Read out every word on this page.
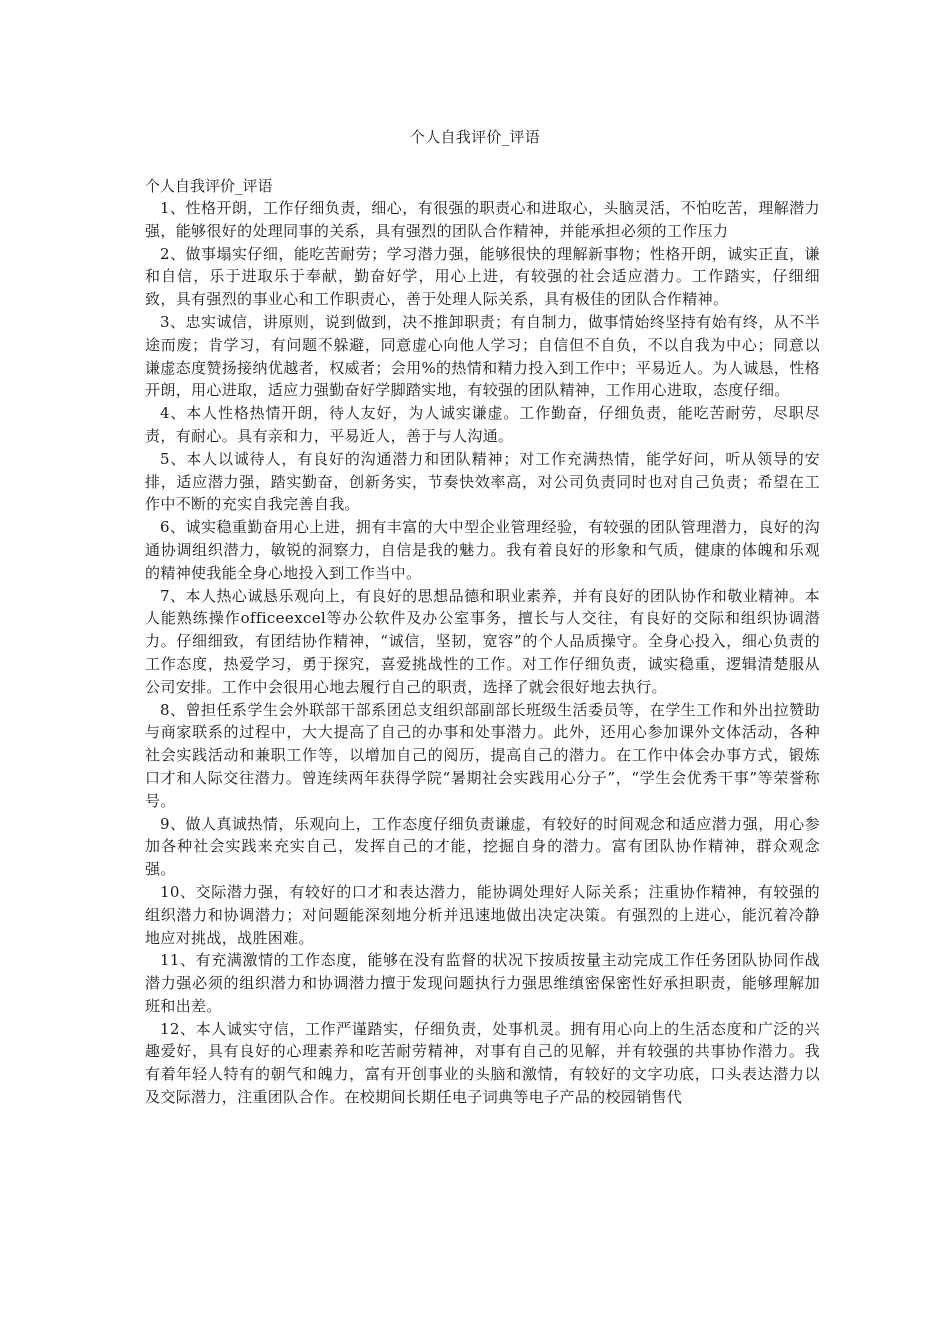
个人自我评价_评语

个人自我评价_评语

1、性格开朗，工作仔细负责，细心，有很强的职责心和进取心，头脑灵活，不怕吃苦，理解潜力强，能够很好的处理同事的关系，具有强烈的团队合作精神，并能承担必须的工作压力

2、做事塌实仔细，能吃苦耐劳；学习潜力强，能够很快的理解新事物；性格开朗，诚实正直，谦和自信，乐于进取乐于奉献，勤奋好学，用心上进，有较强的社会适应潜力。工作踏实，仔细细致，具有强烈的事业心和工作职责心，善于处理人际关系，具有极佳的团队合作精神。

3、忠实诚信，讲原则，说到做到，决不推卸职责；有自制力，做事情始终坚持有始有终，从不半途而废；肯学习，有问题不躲避，同意虚心向他人学习；自信但不自负，不以自我为中心；同意以谦虚态度赞扬接纳优越者，权威者；会用%的热情和精力投入到工作中；平易近人。为人诚恳，性格开朗，用心进取，适应力强勤奋好学脚踏实地，有较强的团队精神，工作用心进取，态度仔细。

4、本人性格热情开朗，待人友好，为人诚实谦虚。工作勤奋，仔细负责，能吃苦耐劳，尽职尽责，有耐心。具有亲和力，平易近人，善于与人沟通。

5、本人以诚待人，有良好的沟通潜力和团队精神；对工作充满热情，能学好问，听从领导的安排，适应潜力强，踏实勤奋，创新务实，节奏快效率高，对公司负责同时也对自己负责；希望在工作中不断的充实自我完善自我。

6、诚实稳重勤奋用心上进，拥有丰富的大中型企业管理经验，有较强的团队管理潜力，良好的沟通协调组织潜力，敏锐的洞察力，自信是我的魅力。我有着良好的形象和气质，健康的体魄和乐观的精神使我能全身心地投入到工作当中。

7、本人热心诚恳乐观向上，有良好的思想品德和职业素养，并有良好的团队协作和敬业精神。本人能熟练操作officeexcel等办公软件及办公室事务，擅长与人交往，有良好的交际和组织协调潜力。仔细细致，有团结协作精神，“诚信，坚韧，宽容”的个人品质操守。全身心投入，细心负责的工作态度，热爱学习，勇于探究，喜爱挑战性的工作。对工作仔细负责，诚实稳重，逻辑清楚服从公司安排。工作中会很用心地去履行自己的职责，选择了就会很好地去执行。

8、曾担任系学生会外联部干部系团总支组织部副部长班级生活委员等，在学生工作和外出拉赞助与商家联系的过程中，大大提高了自己的办事和处事潜力。此外，还用心参加课外文体活动，各种社会实践活动和兼职工作等，以增加自己的阅历，提高自己的潜力。在工作中体会办事方式，锻炼口才和人际交往潜力。曾连续两年获得学院“暑期社会实践用心分子”，“学生会优秀干事”等荣誉称号。

9、做人真诚热情，乐观向上，工作态度仔细负责谦虚，有较好的时间观念和适应潜力强，用心参加各种社会实践来充实自己，发挥自己的才能，挖掘自身的潜力。富有团队协作精神，群众观念强。

10、交际潜力强，有较好的口才和表达潜力，能协调处理好人际关系；注重协作精神，有较强的组织潜力和协调潜力；对问题能深刻地分析并迅速地做出决定决策。有强烈的上进心，能沉着冷静地应对挑战，战胜困难。

11、有充满激情的工作态度，能够在没有监督的状况下按质按量主动完成工作任务团队协同作战潜力强必须的组织潜力和协调潜力擅于发现问题执行力强思维缜密保密性好承担职责，能够理解加班和出差。

12、本人诚实守信，工作严谨踏实，仔细负责，处事机灵。拥有用心向上的生活态度和广泛的兴趣爱好，具有良好的心理素养和吃苦耐劳精神，对事有自己的见解，并有较强的共事协作潜力。我有着年轻人特有的朝气和魄力，富有开创事业的头脑和激情，有较好的文字功底，口头表达潜力以及交际潜力，注重团队合作。在校期间长期任电子词典等电子产品的校园销售代
